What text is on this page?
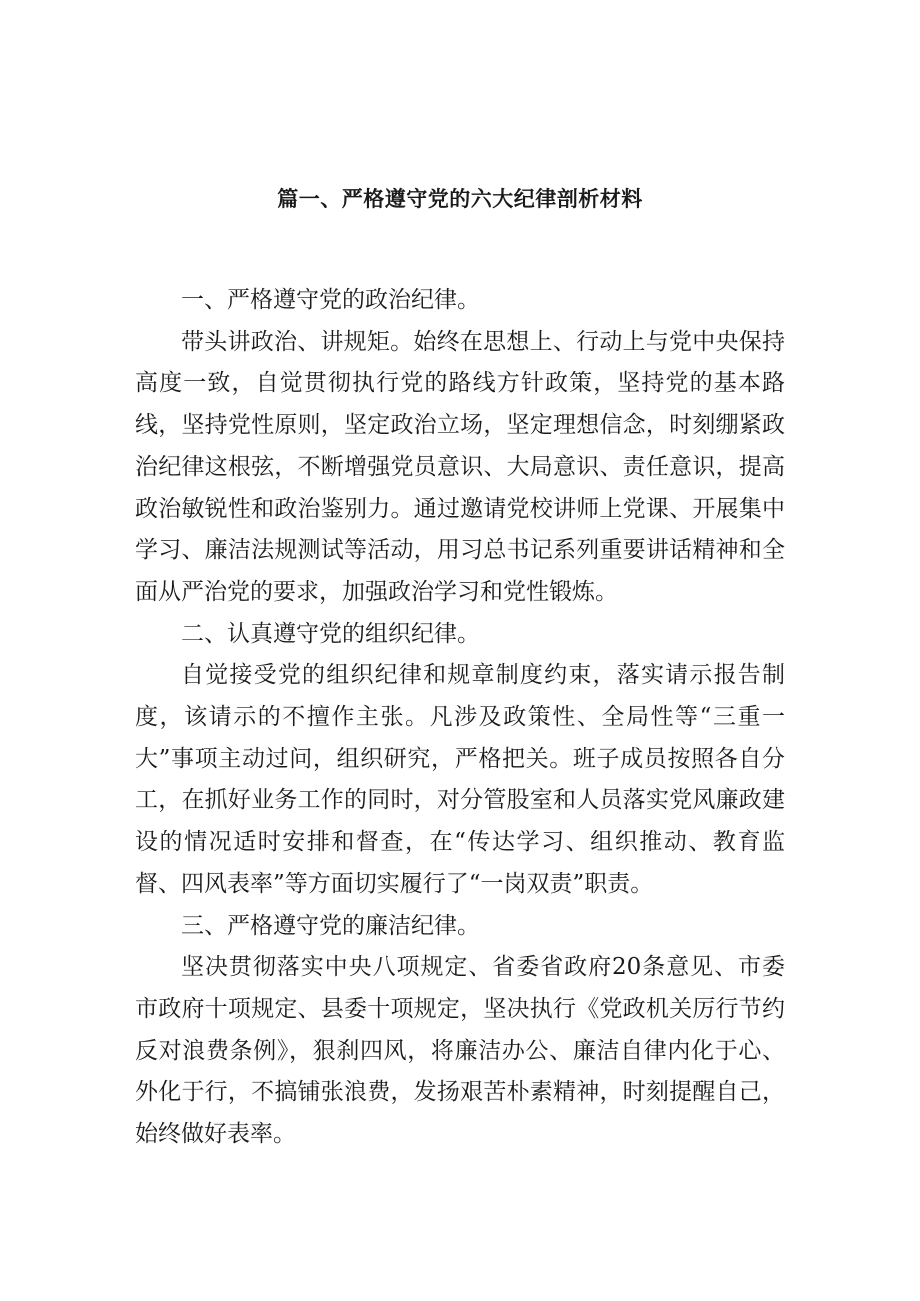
篇一、严格遵守党的六大纪律剖析材料

一、严格遵守党的政治纪律。

带头讲政治、讲规矩。始终在思想上、行动上与党中央保持高度一致，自觉贯彻执行党的路线方针政策，坚持党的基本路线，坚持党性原则，坚定政治立场，坚定理想信念，时刻绷紧政治纪律这根弦，不断增强党员意识、大局意识、责任意识，提高政治敏锐性和政治鉴别力。通过邀请党校讲师上党课、开展集中学习、廉洁法规测试等活动，用习总书记系列重要讲话精神和全面从严治党的要求，加强政治学习和党性锻炼。

二、认真遵守党的组织纪律。

自觉接受党的组织纪律和规章制度约束，落实请示报告制度，该请示的不擅作主张。凡涉及政策性、全局性等“三重一大”事项主动过问，组织研究，严格把关。班子成员按照各自分工，在抓好业务工作的同时，对分管股室和人员落实党风廉政建设的情况适时安排和督查，在“传达学习、组织推动、教育监督、四风表率”等方面切实履行了“一岗双责”职责。

三、严格遵守党的廉洁纪律。

坚决贯彻落实中央八项规定、省委省政府20条意见、市委市政府十项规定、县委十项规定，坚决执行《党政机关厉行节约反对浪费条例》，狠刹四风，将廉洁办公、廉洁自律内化于心、外化于行，不搞铺张浪费，发扬艰苦朴素精神，时刻提醒自己，始终做好表率。
